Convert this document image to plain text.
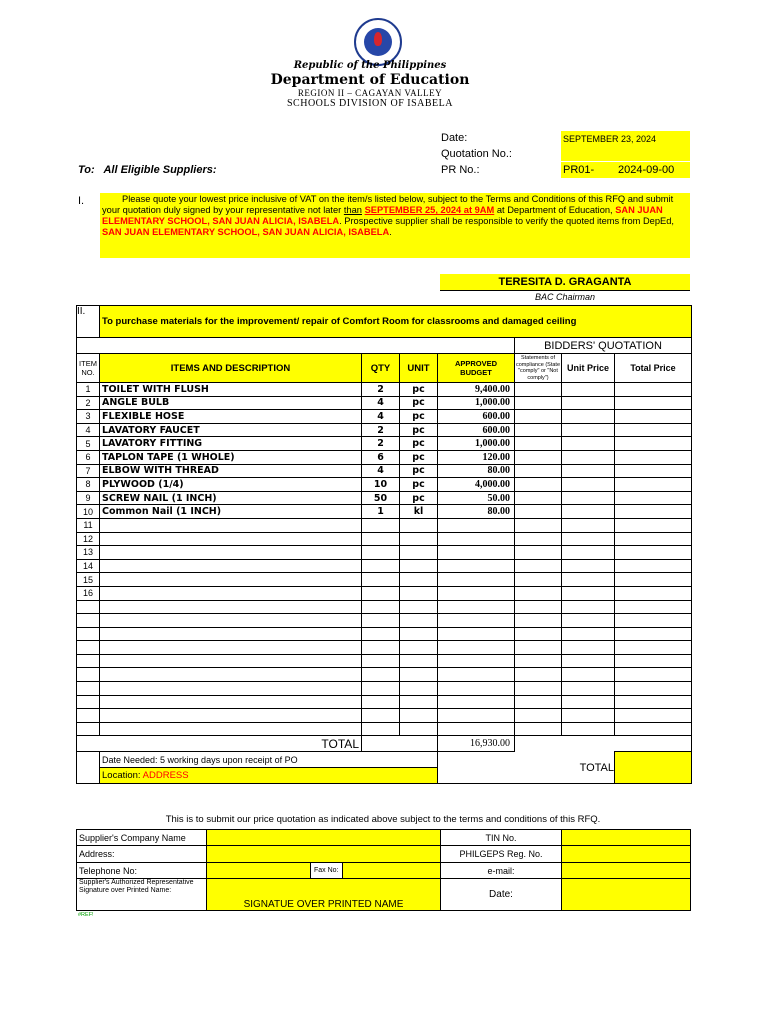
Republic of the Philippines
Department of Education
REGION II – CAGAYAN VALLEY
SCHOOLS DIVISION OF ISABELA
Date:	SEPTEMBER 23, 2024
Quotation No.:
PR No.:	PR01- 2024-09-00
To:   All Eligible Suppliers:
I.	Please quote your lowest price inclusive of VAT on the item/s listed below, subject to the Terms and Conditions of this RFQ and submit your quotation duly signed by your representative not later than SEPTEMBER 25, 2024 at 9AM at Department of Education, SAN JUAN ELEMENTARY SCHOOL, SAN JUAN ALICIA, ISABELA. Prospective supplier shall be responsible to verify the quoted items from DepEd, SAN JUAN ELEMENTARY SCHOOL, SAN JUAN ALICIA, ISABELA.
TERESITA D. GRAGANTA
BAC Chairman
II.	To purchase materials for the improvement/ repair of Comfort Room for classrooms and damaged ceiling						
					BIDDERS' QUOTATION		
ITEM NO.	ITEMS AND DESCRIPTION	QTY	UNIT	APPROVED BUDGET	Statements of compliance (State "comply" or "Not comply")	Unit Price	Total Price
1	TOILET WITH FLUSH	2	pc	9,400.00			
2	ANGLE BULB	4	pc	1,000.00			
3	FLEXIBLE HOSE	4	pc	600.00			
4	LAVATORY FAUCET	2	pc	600.00			
5	LAVATORY FITTING	2	pc	1,000.00			
6	TAPLON TAPE (1 WHOLE)	6	pc	120.00			
7	ELBOW WITH THREAD	4	pc	80.00			
8	PLYWOOD (1/4)	10	pc	4,000.00			
9	SCREW NAIL (1 INCH)	50	pc	50.00			
10	Common Nail (1 INCH)	1	kl	80.00			
11							
12							
13							
14							
15							
16							

TOTAL				16,930.00			
	Date Needed: 5 working days upon receipt of PO					TOTAL	
	Location: ADDRESS						
This is to submit our price quotation as indicated above subject to the terms and conditions of this RFQ.
Supplier's Company Name			TIN No.	
Address:			PHILGEPS Reg. No.	
Telephone No:		Fax No:	e-mail:	
Supplier's Authorized Representative Signature over Printed Name:	SIGNATUE OVER PRINTED NAME		Date:	
#REF!
